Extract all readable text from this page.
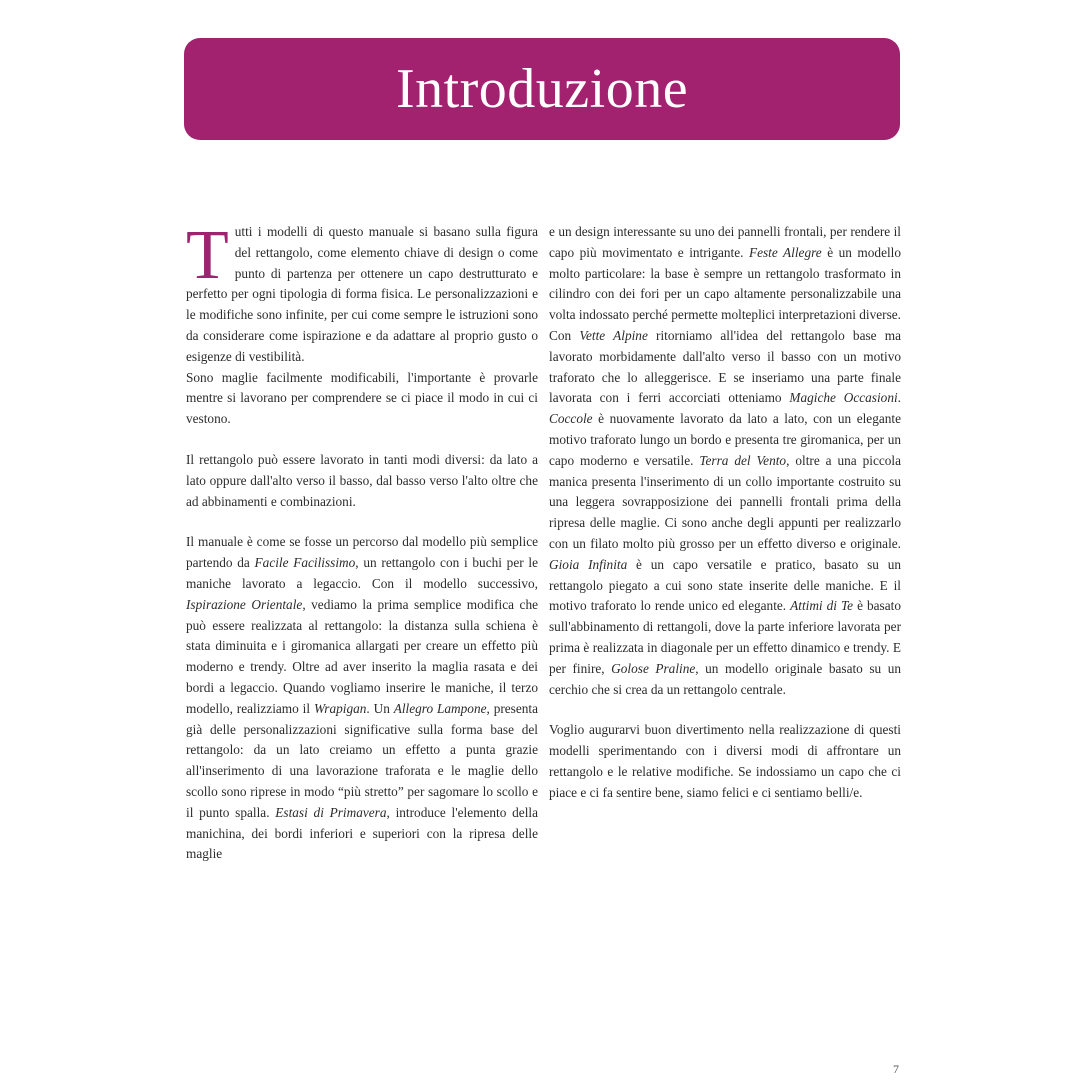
Introduzione

Tutti i modelli di questo manuale si basano sulla figura del rettangolo, come elemento chiave di design o come punto di partenza per ottenere un capo destrutturato e perfetto per ogni tipologia di forma fisica. Le personalizzazioni e le modifiche sono infinite, per cui come sempre le istruzioni sono da considerare come ispirazione e da adattare al proprio gusto o esigenze di vestibilità.

Sono maglie facilmente modificabili, l'importante è provarle mentre si lavorano per comprendere se ci piace il modo in cui ci vestono.

Il rettangolo può essere lavorato in tanti modi diversi: da lato a lato oppure dall'alto verso il basso, dal basso verso l'alto oltre che ad abbinamenti e combinazioni.

Il manuale è come se fosse un percorso dal modello più semplice partendo da Facile Facilissimo, un rettangolo con i buchi per le maniche lavorato a legaccio. Con il modello successivo, Ispirazione Orientale, vediamo la prima semplice modifica che può essere realizzata al rettangolo: la distanza sulla schiena è stata diminuita e i giromanica allargati per creare un effetto più moderno e trendy. Oltre ad aver inserito la maglia rasata e dei bordi a legaccio. Quando vogliamo inserire le maniche, il terzo modello, realizziamo il Wrapigan. Un Allegro Lampone, presenta già delle personalizzazioni significative sulla forma base del rettangolo: da un lato creiamo un effetto a punta grazie all'inserimento di una lavorazione traforata e le maglie dello scollo sono riprese in modo “più stretto” per sagomare lo scollo e il punto spalla. Estasi di Primavera, introduce l'elemento della manichina, dei bordi inferiori e superiori con la ripresa delle maglie

e un design interessante su uno dei pannelli frontali, per rendere il capo più movimentato e intrigante. Feste Allegre è un modello molto particolare: la base è sempre un rettangolo trasformato in cilindro con dei fori per un capo altamente personalizzabile una volta indossato perché permette molteplici interpretazioni diverse. Con Vette Alpine ritorniamo all'idea del rettangolo base ma lavorato morbidamente dall'alto verso il basso con un motivo traforato che lo alleggerisce. E se inseriamo una parte finale lavorata con i ferri accorciati otteniamo Magiche Occasioni. Coccole è nuovamente lavorato da lato a lato, con un elegante motivo traforato lungo un bordo e presenta tre giromanica, per un capo moderno e versatile. Terra del Vento, oltre a una piccola manica presenta l'inserimento di un collo importante costruito su una leggera sovrapposizione dei pannelli frontali prima della ripresa delle maglie. Ci sono anche degli appunti per realizzarlo con un filato molto più grosso per un effetto diverso e originale. Gioia Infinita è un capo versatile e pratico, basato su un rettangolo piegato a cui sono state inserite delle maniche. E il motivo traforato lo rende unico ed elegante. Attimi di Te è basato sull'abbinamento di rettangoli, dove la parte inferiore lavorata per prima è realizzata in diagonale per un effetto dinamico e trendy. E per finire, Golose Praline, un modello originale basato su un cerchio che si crea da un rettangolo centrale.

Voglio augurarvi buon divertimento nella realizzazione di questi modelli sperimentando con i diversi modi di affrontare un rettangolo e le relative modifiche. Se indossiamo un capo che ci piace e ci fa sentire bene, siamo felici e ci sentiamo belli/e.

7
